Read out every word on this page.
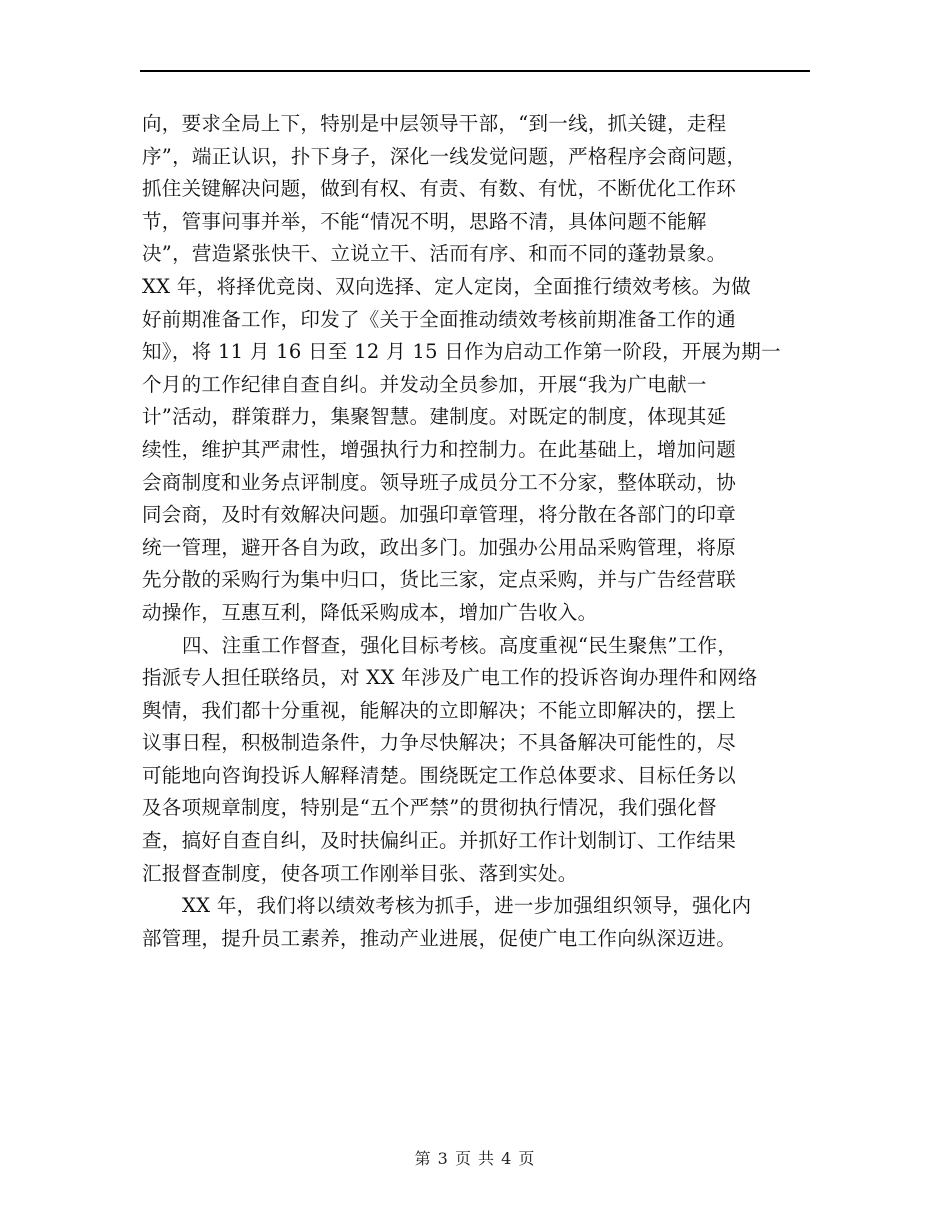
向，要求全局上下，特别是中层领导干部，“到一线，抓关键，走程
序”，端正认识，扑下身子，深化一线发觉问题，严格程序会商问题，
抓住关键解决问题，做到有权、有责、有数、有忧，不断优化工作环
节，管事问事并举，不能“情况不明，思路不清，具体问题不能解
决”，营造紧张快干、立说立干、活而有序、和而不同的蓬勃景象。
XX 年，将择优竞岗、双向选择、定人定岗，全面推行绩效考核。为做
好前期准备工作，印发了《关于全面推动绩效考核前期准备工作的通
知》，将 11 月 16 日至 12 月 15 日作为启动工作第一阶段，开展为期一
个月的工作纪律自查自纠。并发动全员参加，开展“我为广电献一
计”活动，群策群力，集聚智慧。建制度。对既定的制度，体现其延
续性，维护其严肃性，增强执行力和控制力。在此基础上，增加问题
会商制度和业务点评制度。领导班子成员分工不分家，整体联动，协
同会商，及时有效解决问题。加强印章管理，将分散在各部门的印章
统一管理，避开各自为政，政出多门。加强办公用品采购管理，将原
先分散的采购行为集中归口，货比三家，定点采购，并与广告经营联
动操作，互惠互利，降低采购成本，增加广告收入。
四、注重工作督查，强化目标考核。高度重视“民生聚焦”工作，
指派专人担任联络员，对 XX 年涉及广电工作的投诉咨询办理件和网络
舆情，我们都十分重视，能解决的立即解决；不能立即解决的，摆上
议事日程，积极制造条件，力争尽快解决；不具备解决可能性的，尽
可能地向咨询投诉人解释清楚。围绕既定工作总体要求、目标任务以
及各项规章制度，特别是“五个严禁”的贯彻执行情况，我们强化督
查，搞好自查自纠，及时扶偏纠正。并抓好工作计划制订、工作结果
汇报督查制度，使各项工作刚举目张、落到实处。
XX 年，我们将以绩效考核为抓手，进一步加强组织领导，强化内
部管理，提升员工素养，推动产业进展，促使广电工作向纵深迈进。
第 3 页 共 4 页
